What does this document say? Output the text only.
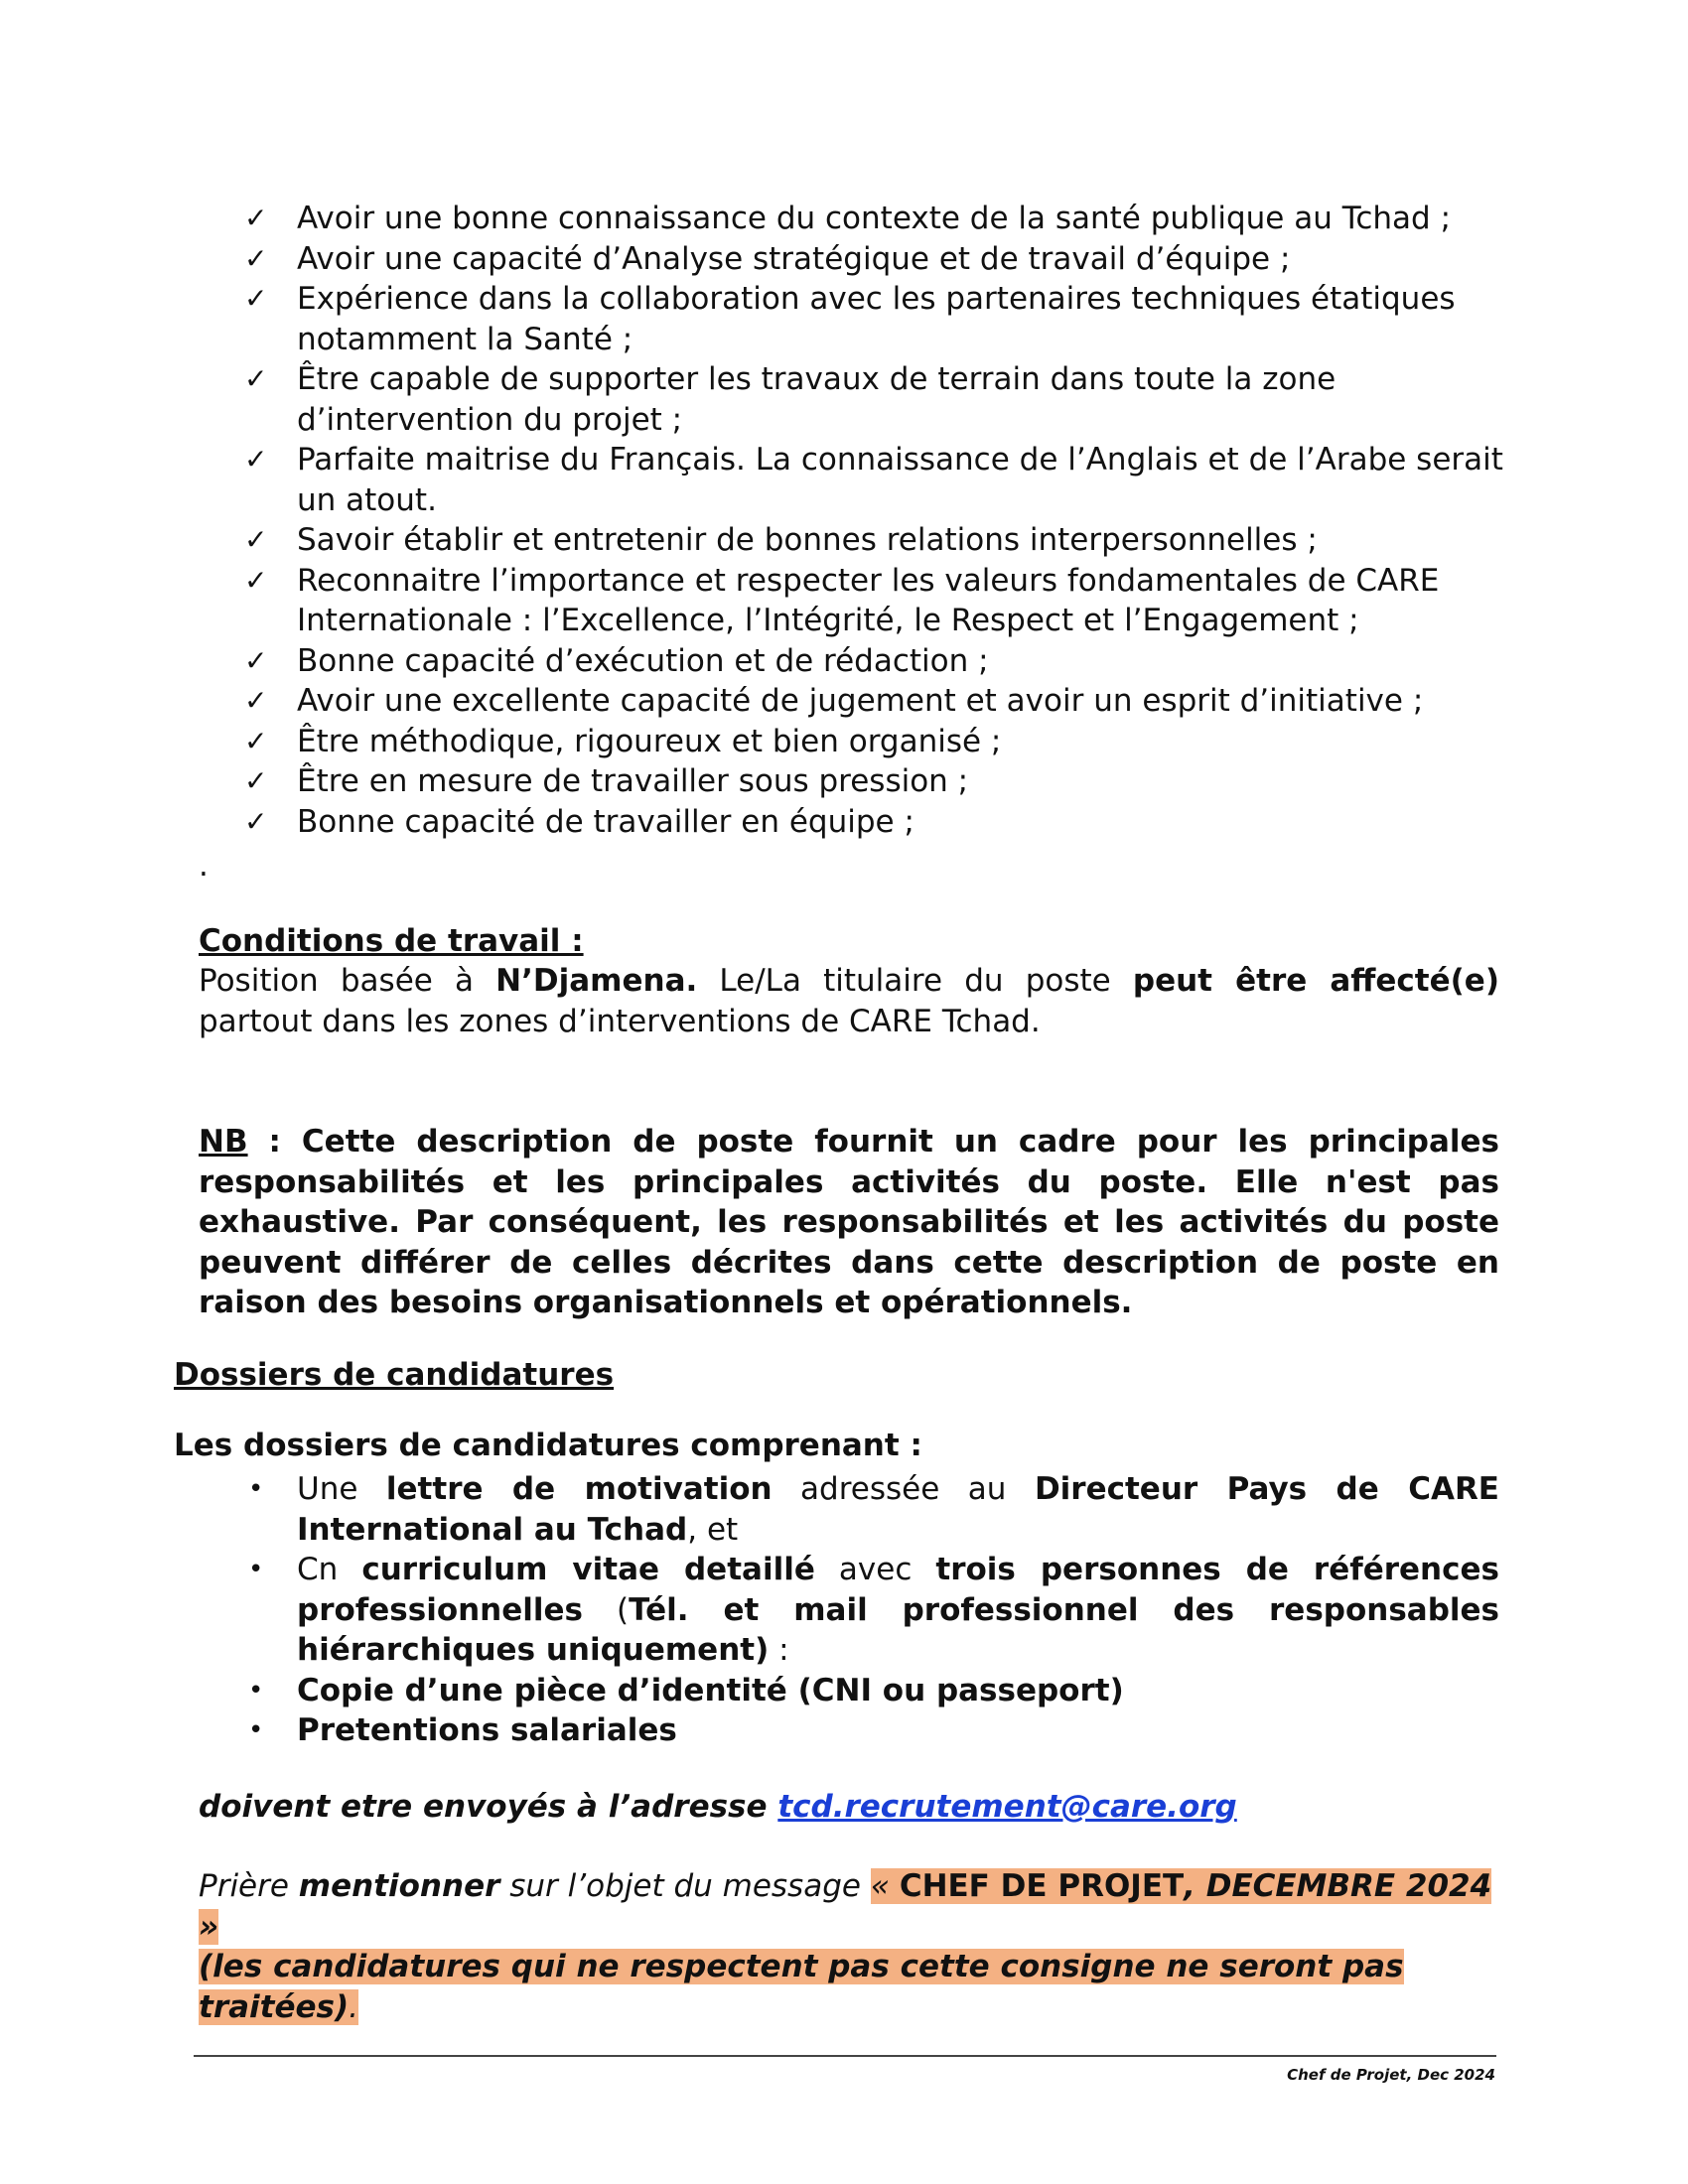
✓ Avoir une bonne connaissance du contexte de la santé publique au Tchad ;
✓ Avoir une capacité d’Analyse stratégique et de travail d’équipe ;
✓ Expérience dans la collaboration avec les partenaires techniques étatiques notamment la Santé ;
✓ Être capable de supporter les travaux de terrain dans toute la zone d’intervention du projet ;
✓ Parfaite maitrise du Français. La connaissance de l’Anglais et de l’Arabe serait un atout.
✓ Savoir établir et entretenir de bonnes relations interpersonnelles ;
✓ Reconnaitre l’importance et respecter les valeurs fondamentales de CARE Internationale : l’Excellence, l’Intégrité, le Respect et l’Engagement ;
✓ Bonne capacité d’exécution et de rédaction ;
✓ Avoir une excellente capacité de jugement et avoir un esprit d’initiative ;
✓ Être méthodique, rigoureux et bien organisé ;
✓ Être en mesure de travailler sous pression ;
✓ Bonne capacité de travailler en équipe ;
.
Conditions de travail :

Position basée à N’Djamena. Le/La titulaire du poste peut être affecté(e) partout dans les zones d’interventions de CARE Tchad.

NB : Cette description de poste fournit un cadre pour les principales responsabilités et les principales activités du poste. Elle n'est pas exhaustive. Par conséquent, les responsabilités et les activités du poste peuvent différer de celles décrites dans cette description de poste en raison des besoins organisationnels et opérationnels.

Dossiers de candidatures
Les dossiers de candidatures comprenant :
• Une lettre de motivation adressée au Directeur Pays de CARE International au Tchad, et
• Cn curriculum vitae detaillé avec trois personnes de références professionnelles (Tél. et mail professionnel des responsables hiérarchiques uniquement) :
• Copie d’une pièce d’identité (CNI ou passeport)
• Pretentions salariales
doivent etre envoyés à l’adresse tcd.recrutement@care.org
Prière mentionner sur l’objet du message « CHEF DE PROJET, DECEMBRE 2024 »
(les candidatures qui ne respectent pas cette consigne ne seront pas traitées).
Chef de Projet, Dec 2024
